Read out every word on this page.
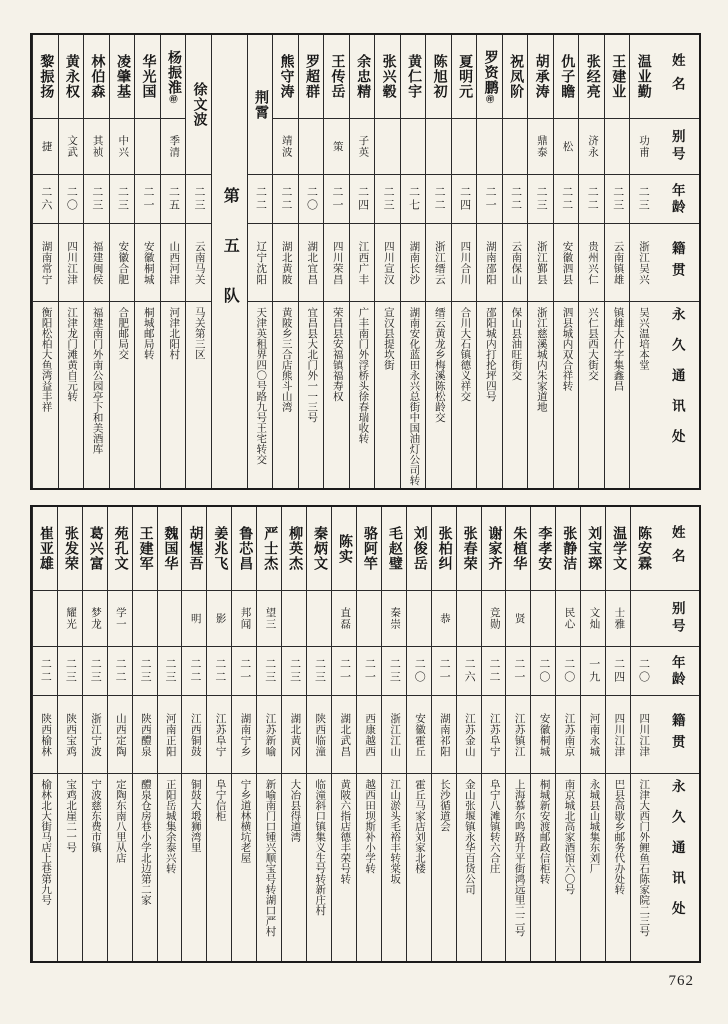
姓名
别号
年龄
籍贯
永久通讯处
温业勤
功甫
二三
浙江吴兴
吴兴温培本堂
王建业
二三
云南镇雄
镇雄大什字集鑫昌
张经亮
济永
二二
贵州兴仁
兴仁县西大街交
仇子瞻
松
二二
安徽泗县
泗县城内双合祥转
胡承涛
鼎泰
二三
浙江鄞县
浙江慈溪城内朱家道地
祝凤阶
二二
云南保山
保山县油旺街交
罗资鹏㊞
二一
湖南邵阳
邵阳城内打抡坪四号
夏明元
二四
四川合川
合川大石镇德义祥交
陈旭初
二二
浙江缙云
缙云黄龙乡梅溪陈松龄交
黄仁宇
二七
湖南长沙
湖南安化蓝田永兴总街中国油灯公司转
张兴毂
二三
四川宣汉
宣汉县提坎街
余忠精
子英
二四
江西广丰
广丰南门外浮桥头徐春瑞收转
王传岳
策
二一
四川荣昌
荣昌县安福镇福寿权
罗超群
二〇
湖北宜昌
宜昌县大北门外一一三号
熊守涛
靖波
二二
湖北黄陂
黄陂乡三合店熊斗山湾
荆霄
二二
辽宁沈阳
天津英租界四〇号路九号王宅转交
第五队
徐文波
二三
云南马关
马关第三区
杨振淮㊞
季清
二五
山西河津
河津北阳村
华光国
二一
安徽桐城
桐城邮局转
凌肇基
中兴
二三
安徽合肥
合肥邮局交
林伯森
其祯
二三
福建闽侯
福建南门外南公园亭下和美酒库
黄永权
文武
二〇
四川江津
江津龙门滩黄自元转
黎振扬
捷
二六
湖南常宁
衡阳松柏大鱼湾益丰祥
姓名
别号
年龄
籍贯
永久通讯处
陈安霖
二〇
四川江津
江津大西门外鲤鱼石陈家院二三号
温学文
士雅
二四
四川江津
巴县高歇乡邮务代办处转
刘宝琛
文灿
一九
河南永城
永城县山城集东刘厂
张静洁
民心
二〇
江苏南京
南京城北高家酒馆六〇号
李孝安
二〇
安徽桐城
桐城新安渡邮政信柜转
朱植华
贤
二一
江苏镇江
上海慕尔鸣路升平街鸿远里二二号
谢家齐
竞勋
二二
江苏阜宁
阜宁八滩镇转六合庄
张春荣
二六
江苏金山
金山张堰镇永华百货公司
张柏纠
恭
二一
湖南祁阳
长沙循道会
刘俊岳
二〇
安徽霍丘
霍丘马家店刘家北楼
毛赵璧
秦崇
二三
浙江江山
江山淤头毛裕丰转棠坂
骆阿竿
二一
西康越西
越西田坝斯补小学转
陈实
直磊
二一
湖北武昌
黄陂六指店德丰荣号转
秦炳文
二三
陕西临潼
临潼斜口镇集义生号转新庄村
柳英杰
二三
湖北黄冈
大冶县得道湾
严士杰
望三
二三
江苏新喻
新喻南门口锺兴顺宝号转湖口严村
鲁芯昌
邦闻
二一
湖南宁乡
宁乡道林横坑老屋
姜兆飞
影
二二
江苏阜宁
阜宁信柜
胡惺吾
明
二二
江西铜鼓
铜鼓大塅狮湾里
魏国华
二三
河南正阳
正阳岳城集余泰兴转
王建军
二三
陕西醴泉
醴泉仓房巷小学北边第二家
苑孔文
学一
二二
山西定陶
定陶东南八里从店
葛兴富
梦龙
二三
浙江宁波
宁波慈东费市镇
张发荣
耀光
二三
陕西宝鸡
宝鸡北崖二一号
崔亚雄
二二
陕西榆林
榆林北大街马店上巷第九号
762
